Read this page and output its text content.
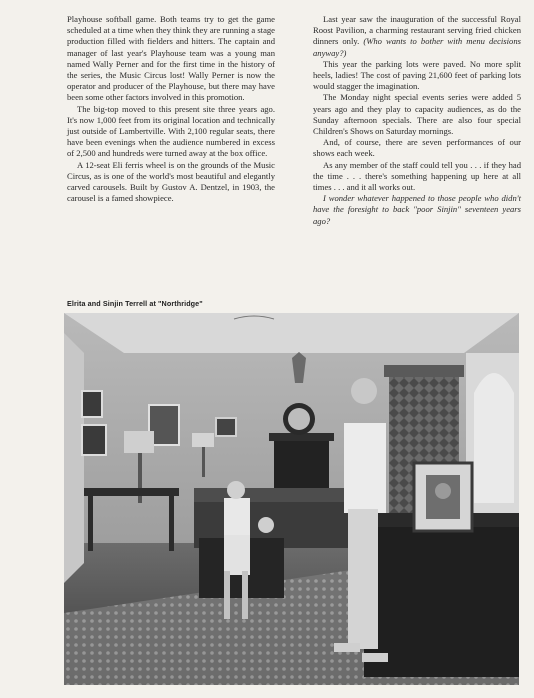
Playhouse softball game. Both teams try to get the game scheduled at a time when they think they are running a stage production filled with fielders and hitters. The captain and manager of last year's Playhouse team was a young man named Wally Perner and for the first time in the history of the series, the Music Circus lost! Wally Perner is now the operator and producer of the Playhouse, but there may have been some other factors involved in this promotion.

The big-top moved to this present site three years ago. It's now 1,000 feet from its original location and technically just outside of Lambertville. With 2,100 regular seats, there have been evenings when the audience numbered in excess of 2,500 and hundreds were turned away at the box office.

A 12-seat Eli ferris wheel is on the grounds of the Music Circus, as is one of the world's most beautiful and elegantly carved carousels. Built by Gustov A. Dentzel, in 1903, the carousel is a famed showpiece.

Last year saw the inauguration of the successful Royal Roost Pavilion, a charming restaurant serving fried chicken dinners only. (Who wants to bother with menu decisions anyway?)

This year the parking lots were paved. No more split heels, ladies! The cost of paving 21,600 feet of parking lots would stagger the imagination.

The Monday night special events series were added 5 years ago and they play to capacity audiences, as do the Sunday afternoon specials. There are also four special Children's Shows on Saturday mornings.

And, of course, there are seven performances of our shows each week.

As any member of the staff could tell you . . . if they had the time . . . there's something happening up here at all times . . . and it all works out.

I wonder whatever happened to those people who didn't have the foresight to back "poor Sinjin" seventeen years ago?

Elrita and Sinjin Terrell at "Northridge"
